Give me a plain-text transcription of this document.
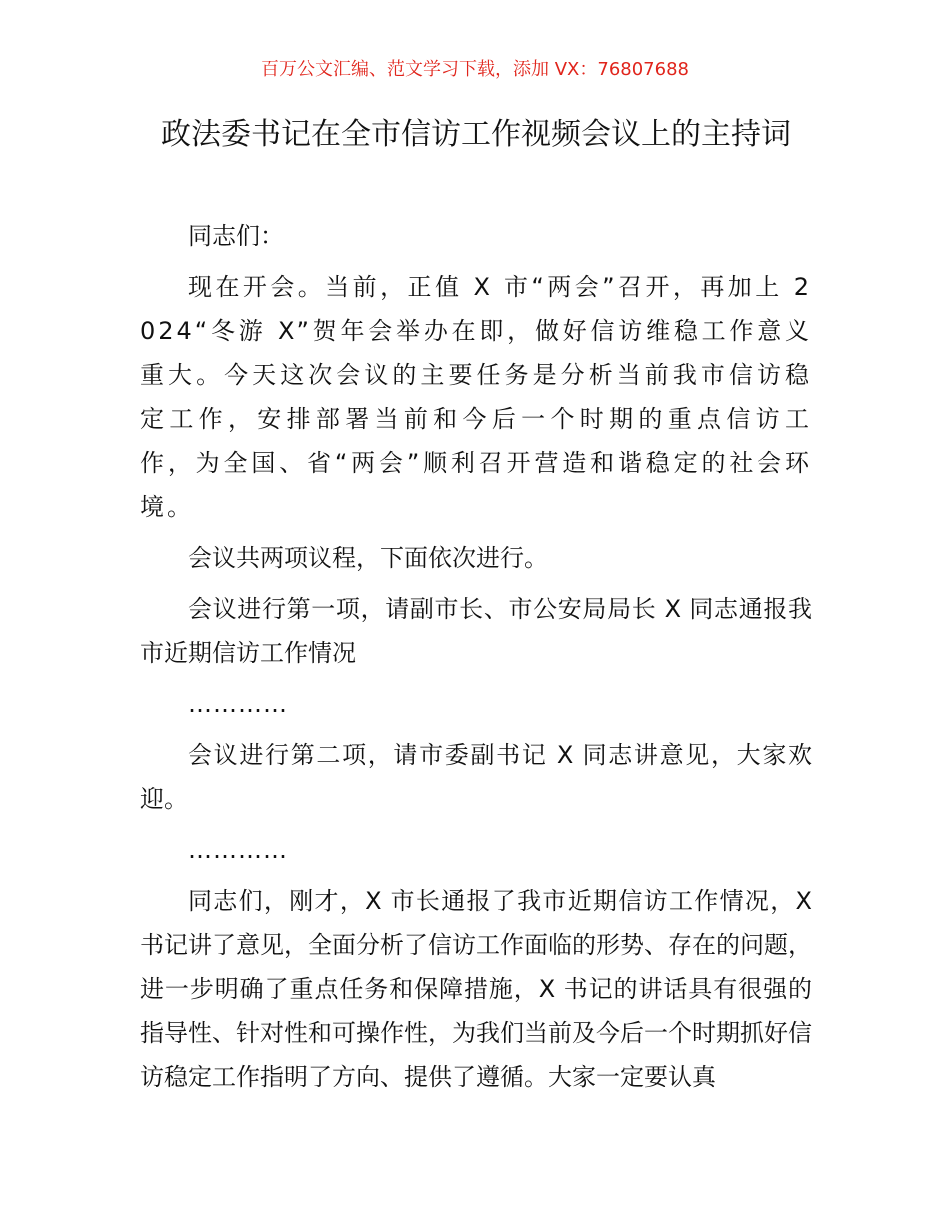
百万公文汇编、范文学习下载，添加 VX：76807688
政法委书记在全市信访工作视频会议上的主持词

同志们：

现在开会。当前，正值 X 市“两会”召开，再加上 2024“冬游 X”贺年会举办在即，做好信访维稳工作意义重大。今天这次会议的主要任务是分析当前我市信访稳定工作，安排部署当前和今后一个时期的重点信访工作，为全国、省“两会”顺利召开营造和谐稳定的社会环境。

会议共两项议程，下面依次进行。

会议进行第一项，请副市长、市公安局局长 X 同志通报我市近期信访工作情况

…………

会议进行第二项，请市委副书记 X 同志讲意见，大家欢迎。

…………

同志们，刚才，X 市长通报了我市近期信访工作情况，X 书记讲了意见，全面分析了信访工作面临的形势、存在的问题，进一步明确了重点任务和保障措施，X 书记的讲话具有很强的指导性、针对性和可操作性，为我们当前及今后一个时期抓好信访稳定工作指明了方向、提供了遵循。大家一定要认真
